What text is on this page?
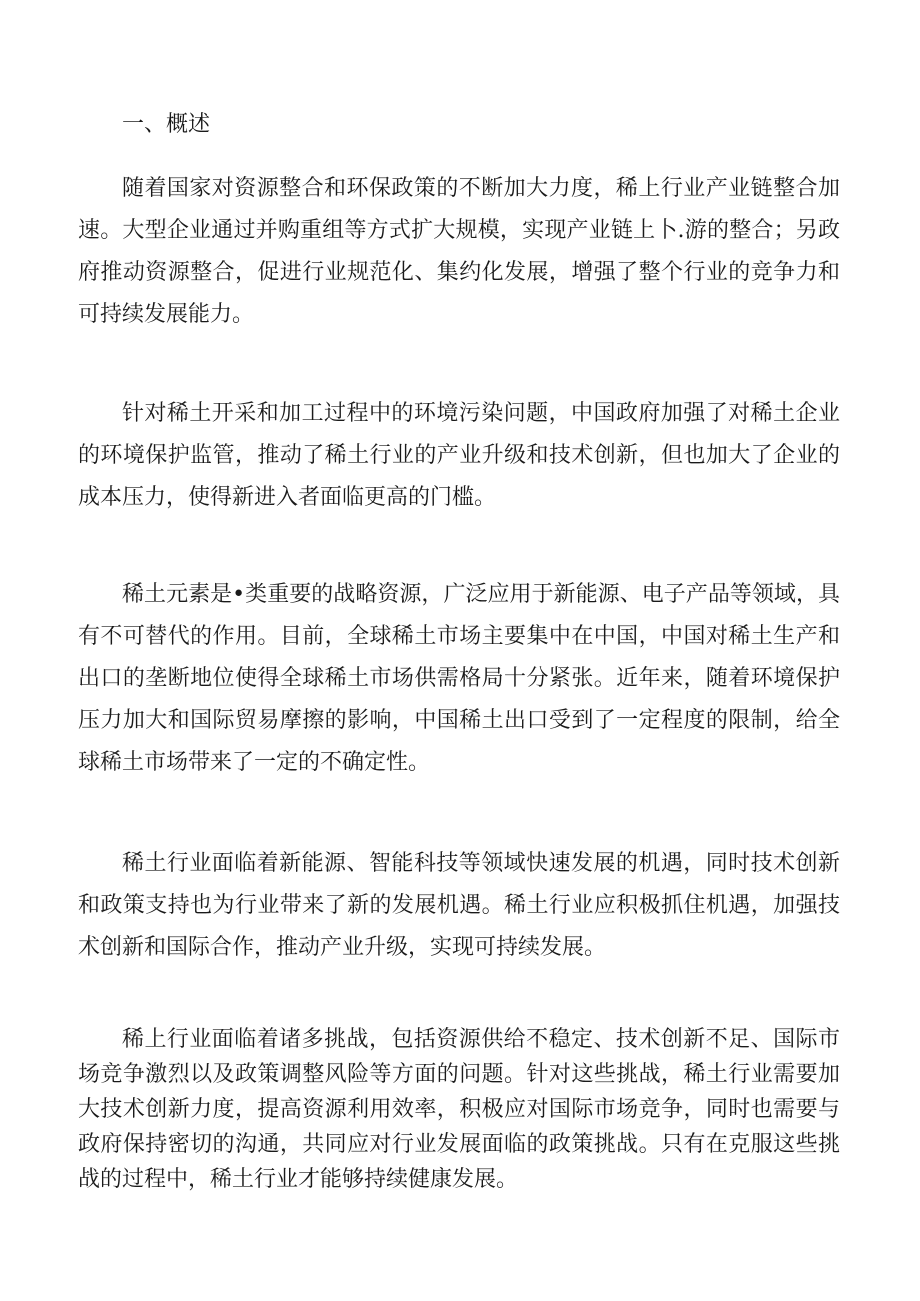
一、概述

随着国家对资源整合和环保政策的不断加大力度，稀上行业产业链整合加速。大型企业通过并购重组等方式扩大规模，实现产业链上卜.游的整合；另政府推动资源整合，促进行业规范化、集约化发展，增强了整个行业的竞争力和可持续发展能力。

针对稀土开采和加工过程中的环境污染问题，中国政府加强了对稀土企业的环境保护监管，推动了稀土行业的产业升级和技术创新，但也加大了企业的成本压力，使得新进入者面临更高的门槛。

稀土元素是•类重要的战略资源，广泛应用于新能源、电子产品等领域，具有不可替代的作用。目前，全球稀土市场主要集中在中国，中国对稀土生产和出口的垄断地位使得全球稀土市场供需格局十分紧张。近年来，随着环境保护压力加大和国际贸易摩擦的影响，中国稀土出口受到了一定程度的限制，给全球稀土市场带来了一定的不确定性。

稀土行业面临着新能源、智能科技等领域快速发展的机遇，同时技术创新和政策支持也为行业带来了新的发展机遇。稀土行业应积极抓住机遇，加强技术创新和国际合作，推动产业升级，实现可持续发展。

稀上行业面临着诸多挑战，包括资源供给不稳定、技术创新不足、国际市场竞争激烈以及政策调整风险等方面的问题。针对这些挑战，稀土行业需要加大技术创新力度，提高资源利用效率，积极应对国际市场竞争，同时也需要与政府保持密切的沟通，共同应对行业发展面临的政策挑战。只有在克服这些挑战的过程中，稀土行业才能够持续健康发展。
